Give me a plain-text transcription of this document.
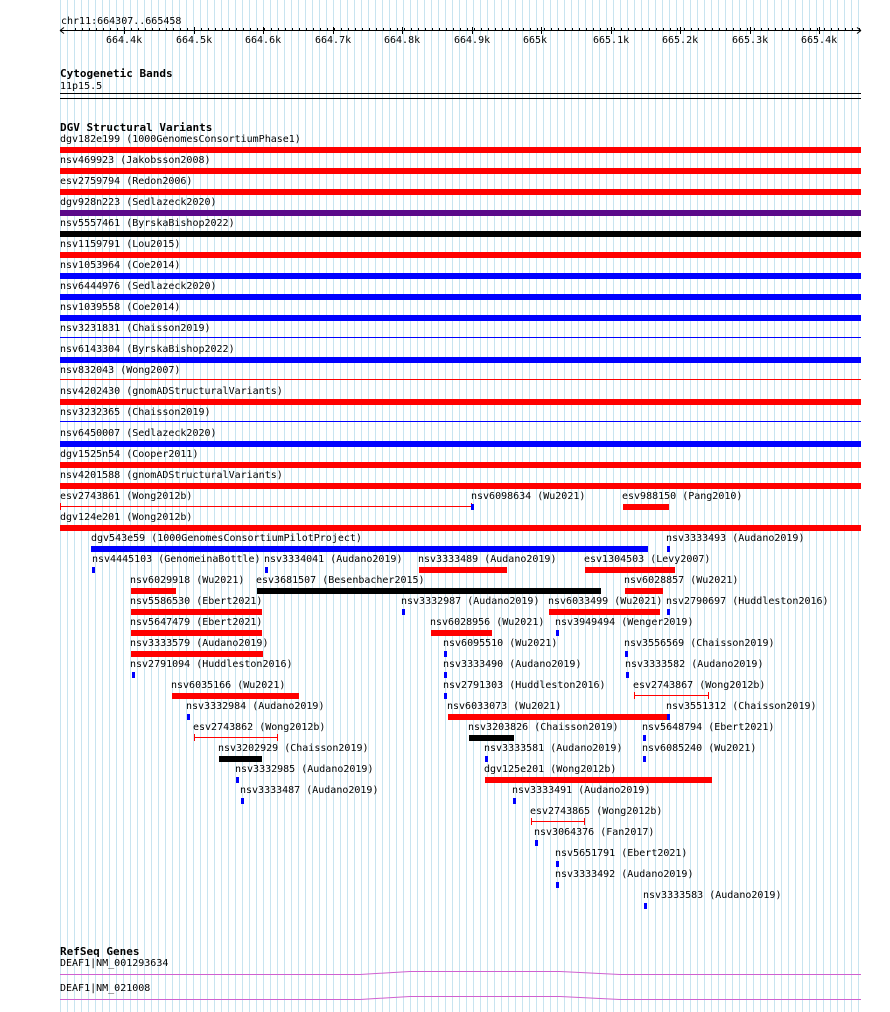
chr11:664307..665458
664.4k	664.5k	664.6k	664.7k	664.8k	664.9k	665k	665.1k	665.2k	665.3k	665.4k
Cytogenetic Bands
11p15.5
DGV Structural Variants
dgv182e199 (1000GenomesConsortiumPhase1)
nsv469923 (Jakobsson2008)
esv2759794 (Redon2006)
dgv928n223 (Sedlazeck2020)
nsv5557461 (ByrskaBishop2022)
nsv1159791 (Lou2015)
nsv1053964 (Coe2014)
nsv6444976 (Sedlazeck2020)
nsv1039558 (Coe2014)
nsv3231831 (Chaisson2019)
nsv6143304 (ByrskaBishop2022)
nsv832043 (Wong2007)
nsv4202430 (gnomADStructuralVariants)
nsv3232365 (Chaisson2019)
nsv6450007 (Sedlazeck2020)
dgv1525n54 (Cooper2011)
nsv4201588 (gnomADStructuralVariants)
esv2743861 (Wong2012b)	nsv6098634 (Wu2021)	esv988150 (Pang2010)
dgv124e201 (Wong2012b)
dgv543e59 (1000GenomesConsortiumPilotProject)	nsv3333493 (Audano2019)
nsv4445103 (GenomeinaBottle) nsv3334041 (Audano2019) nsv3333489 (Audano2019)	esv1304503 (Levy2007)
nsv6029918 (Wu2021) esv3681507 (Besenbacher2015)	nsv6028857 (Wu2021)
nsv5586530 (Ebert2021)	nsv3332987 (Audano2019) nsv6033499 (Wu2021) nsv2790697 (Huddleston2016)
nsv5647479 (Ebert2021)	nsv6028956 (Wu2021) nsv3949494 (Wenger2019)
nsv3333579 (Audano2019)	nsv6095510 (Wu2021)	nsv3556569 (Chaisson2019)
nsv2791094 (Huddleston2016)	nsv3333490 (Audano2019)	nsv3333582 (Audano2019)
nsv6035166 (Wu2021)	nsv2791303 (Huddleston2016)	esv2743867 (Wong2012b)
nsv3332984 (Audano2019)	nsv6033073 (Wu2021)	nsv3551312 (Chaisson2019)
esv2743862 (Wong2012b)	nsv3203826 (Chaisson2019) nsv5648794 (Ebert2021)
nsv3202929 (Chaisson2019)	nsv3333581 (Audano2019) nsv6085240 (Wu2021)
nsv3332985 (Audano2019)	dgv125e201 (Wong2012b)
nsv3333487 (Audano2019)	nsv3333491 (Audano2019)
esv2743865 (Wong2012b)
nsv3064376 (Fan2017)
nsv5651791 (Ebert2021)
nsv3333492 (Audano2019)
nsv3333583 (Audano2019)
RefSeq Genes
DEAF1|NM_001293634
DEAF1|NM_021008
